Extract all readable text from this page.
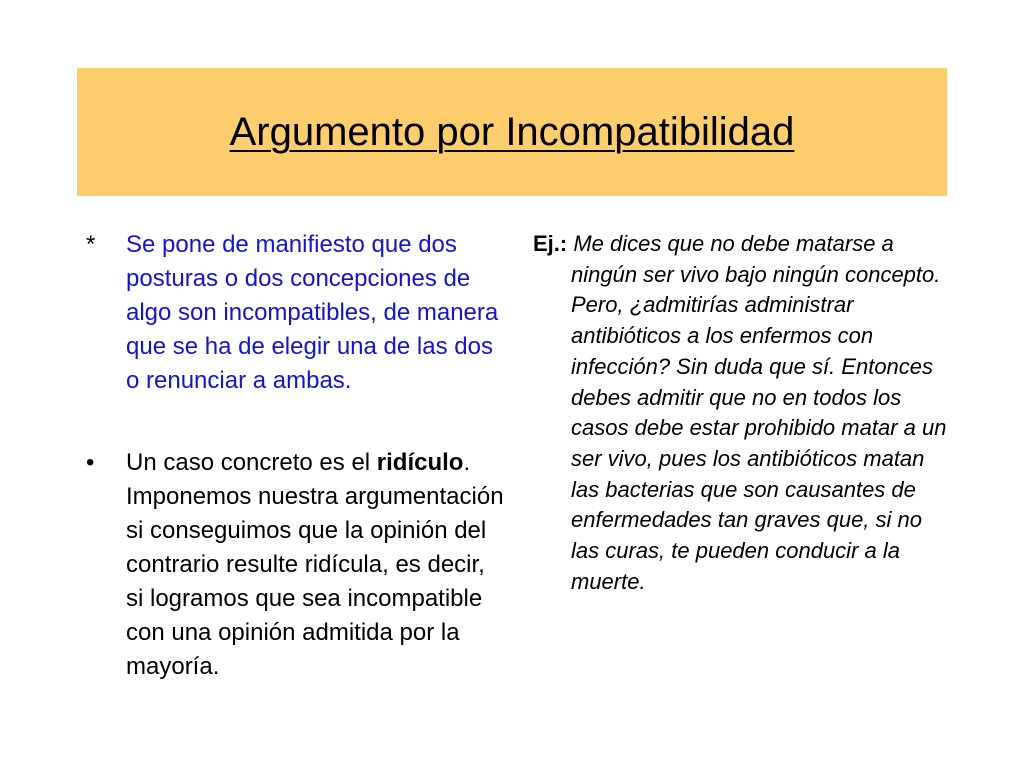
Argumento por Incompatibilidad
*	Se pone de manifiesto que dos posturas o dos concepciones de algo son incompatibles, de manera que se ha de elegir una de las dos o renunciar a ambas.
•	Un caso concreto es el ridículo. Imponemos nuestra argumentación si conseguimos que la opinión del contrario resulte ridícula, es decir, si logramos que sea incompatible con una opinión admitida por la mayoría.
Ej.: Me dices que no debe matarse a ningún ser vivo bajo ningún concepto. Pero, ¿admitirías administrar antibióticos a los enfermos con infección? Sin duda que sí. Entonces debes admitir que no en todos los casos debe estar prohibido matar a un ser vivo, pues los antibióticos matan las bacterias que son causantes de enfermedades tan graves que, si no las curas, te pueden conducir a la muerte.
